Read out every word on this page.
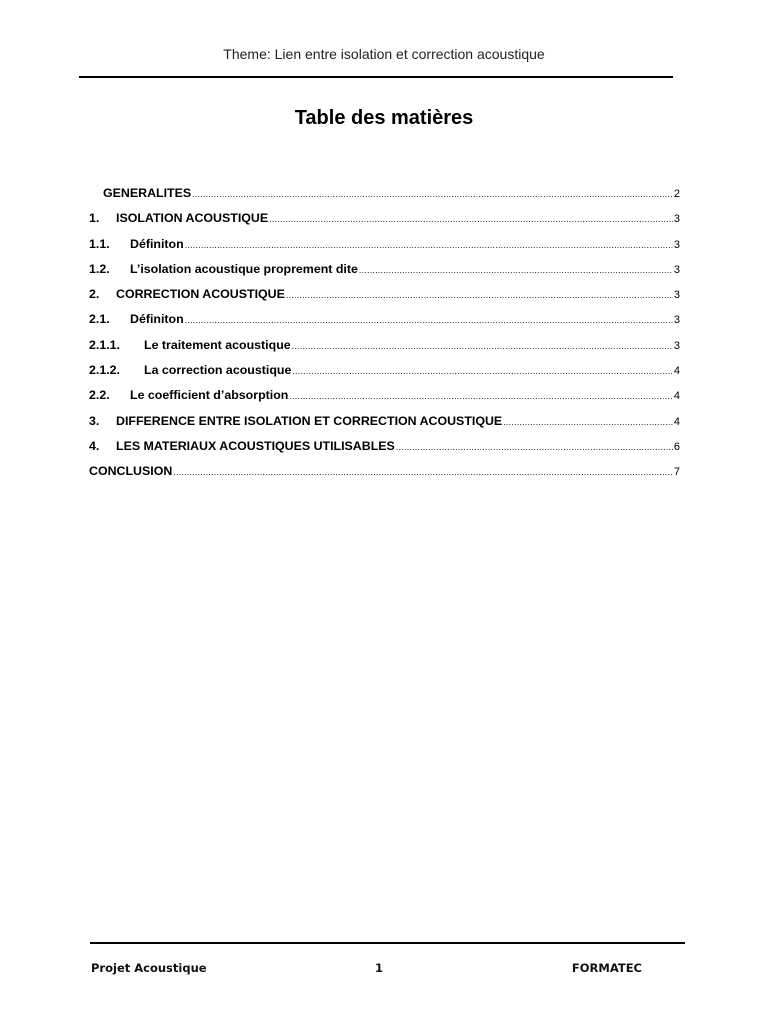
Theme: Lien entre isolation et correction acoustique
Table des matières
GENERALITES .....	2
1.	ISOLATION ACOUSTIQUE .....	3
1.1.	Définiton .....	3
1.2.	L’isolation acoustique proprement dite .....	3
2.	CORRECTION ACOUSTIQUE .....	3
2.1.	Définiton .....	3
2.1.1.	Le traitement acoustique .....	3
2.1.2.	La correction acoustique .....	4
2.2.	Le coefficient d’absorption .....	4
3.	DIFFERENCE ENTRE ISOLATION ET CORRECTION ACOUSTIQUE .....	4
4.	LES MATERIAUX ACOUSTIQUES UTILISABLES .....	6
CONCLUSION .....	7
Projet Acoustique	1	FORMATEC
